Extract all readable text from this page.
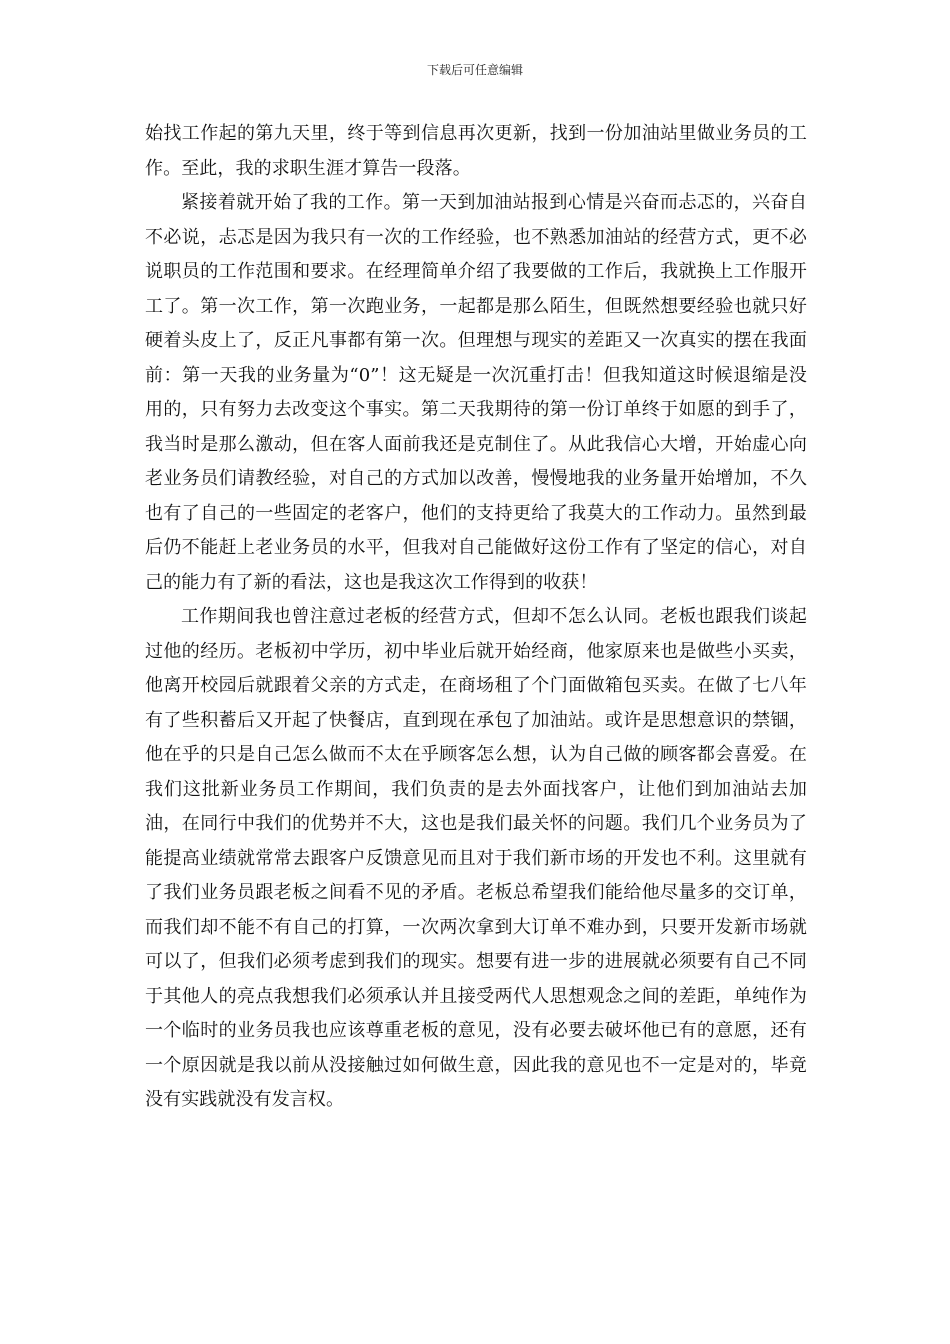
下载后可任意编辑

始找工作起的第九天里，终于等到信息再次更新，找到一份加油站里做业务员的工作。至此，我的求职生涯才算告一段落。

紧接着就开始了我的工作。第一天到加油站报到心情是兴奋而忐忑的，兴奋自不必说，忐忑是因为我只有一次的工作经验，也不熟悉加油站的经营方式，更不必说职员的工作范围和要求。在经理简单介绍了我要做的工作后，我就换上工作服开工了。第一次工作，第一次跑业务，一起都是那么陌生，但既然想要经验也就只好硬着头皮上了，反正凡事都有第一次。但理想与现实的差距又一次真实的摆在我面前：第一天我的业务量为“0”！这无疑是一次沉重打击！但我知道这时候退缩是没用的，只有努力去改变这个事实。第二天我期待的第一份订单终于如愿的到手了，我当时是那么激动，但在客人面前我还是克制住了。从此我信心大增，开始虚心向老业务员们请教经验，对自己的方式加以改善，慢慢地我的业务量开始增加，不久也有了自己的一些固定的老客户，他们的支持更给了我莫大的工作动力。虽然到最后仍不能赶上老业务员的水平，但我对自己能做好这份工作有了坚定的信心，对自己的能力有了新的看法，这也是我这次工作得到的收获！

工作期间我也曾注意过老板的经营方式，但却不怎么认同。老板也跟我们谈起过他的经历。老板初中学历，初中毕业后就开始经商，他家原来也是做些小买卖，他离开校园后就跟着父亲的方式走，在商场租了个门面做箱包买卖。在做了七八年有了些积蓄后又开起了快餐店，直到现在承包了加油站。或许是思想意识的禁锢，他在乎的只是自己怎么做而不太在乎顾客怎么想，认为自己做的顾客都会喜爱。在我们这批新业务员工作期间，我们负责的是去外面找客户，让他们到加油站去加油，在同行中我们的优势并不大，这也是我们最关怀的问题。我们几个业务员为了能提高业绩就常常去跟客户反馈意见而且对于我们新市场的开发也不利。这里就有了我们业务员跟老板之间看不见的矛盾。老板总希望我们能给他尽量多的交订单，而我们却不能不有自己的打算，一次两次拿到大订单不难办到，只要开发新市场就可以了，但我们必须考虑到我们的现实。想要有进一步的进展就必须要有自己不同于其他人的亮点我想我们必须承认并且接受两代人思想观念之间的差距，单纯作为一个临时的业务员我也应该尊重老板的意见，没有必要去破坏他已有的意愿，还有一个原因就是我以前从没接触过如何做生意，因此我的意见也不一定是对的，毕竟没有实践就没有发言权。
